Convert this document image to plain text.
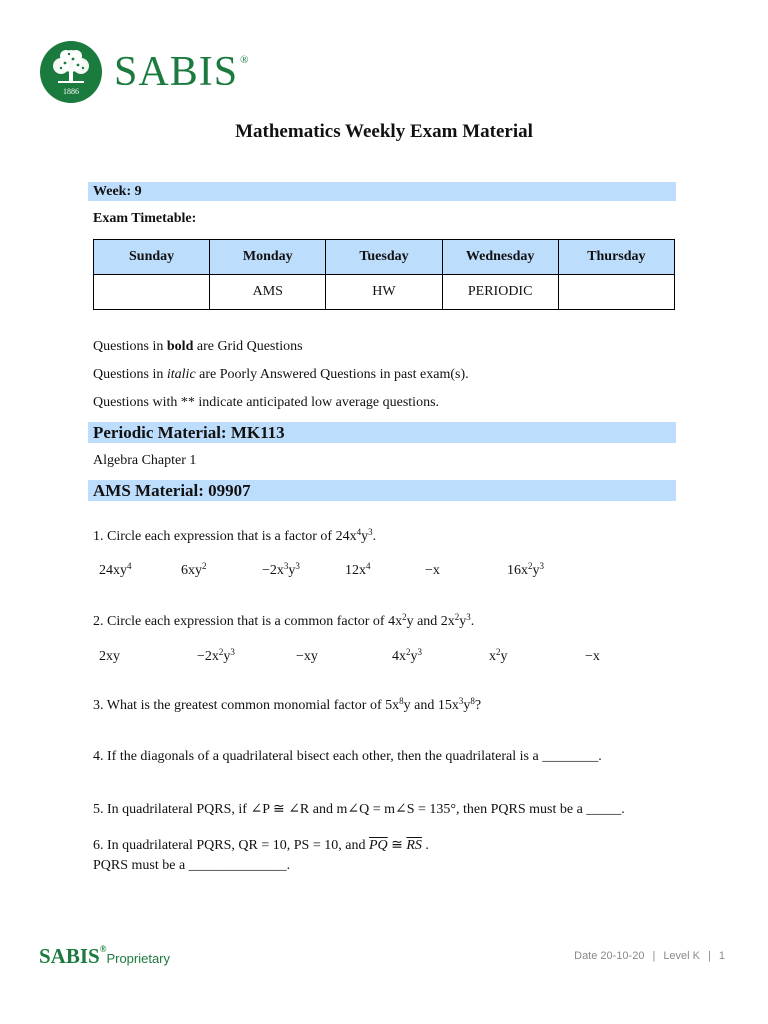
1886 SABIS ®
Mathematics Weekly Exam Material
Week: 9
Exam Timetable:
Sunday	Monday	Tuesday	Wednesday	Thursday
	AMS	HW	PERIODIC	
Questions in bold are Grid Questions
Questions in italic are Poorly Answered Questions in past exam(s).
Questions with ** indicate anticipated low average questions.
Periodic Material: MK113
Algebra Chapter 1
AMS Material: 09907
1. Circle each expression that is a factor of $24x^4y^3$.
$24xy^4$	$6xy^2$	$-2x^3y^3$	$12x^4$	−x	$16x^2y^3$
2. Circle each expression that is a common factor of $4x^2y$ and $2x^2y^3$.
2xy	$-2x^2y^3$	−xy	$4x^2y^3$	$x^2y$	−x
3. What is the greatest common monomial factor of $5x^8y$ and $15x^3y^8$?
4. If the diagonals of a quadrilateral bisect each other, then the quadrilateral is a ________.
5. In quadrilateral PQRS, if ∠P ≅ ∠R and m∠Q = m∠S = 135°, then PQRS must be a _____.
6. In quadrilateral PQRS, QR = 10, PS = 10, and $\overline{PQ}$ ≅ $\overline{RS}$ .
PQRS must be a ______________.
SABIS®Proprietary	Date 20-10-20 | Level K | 1
